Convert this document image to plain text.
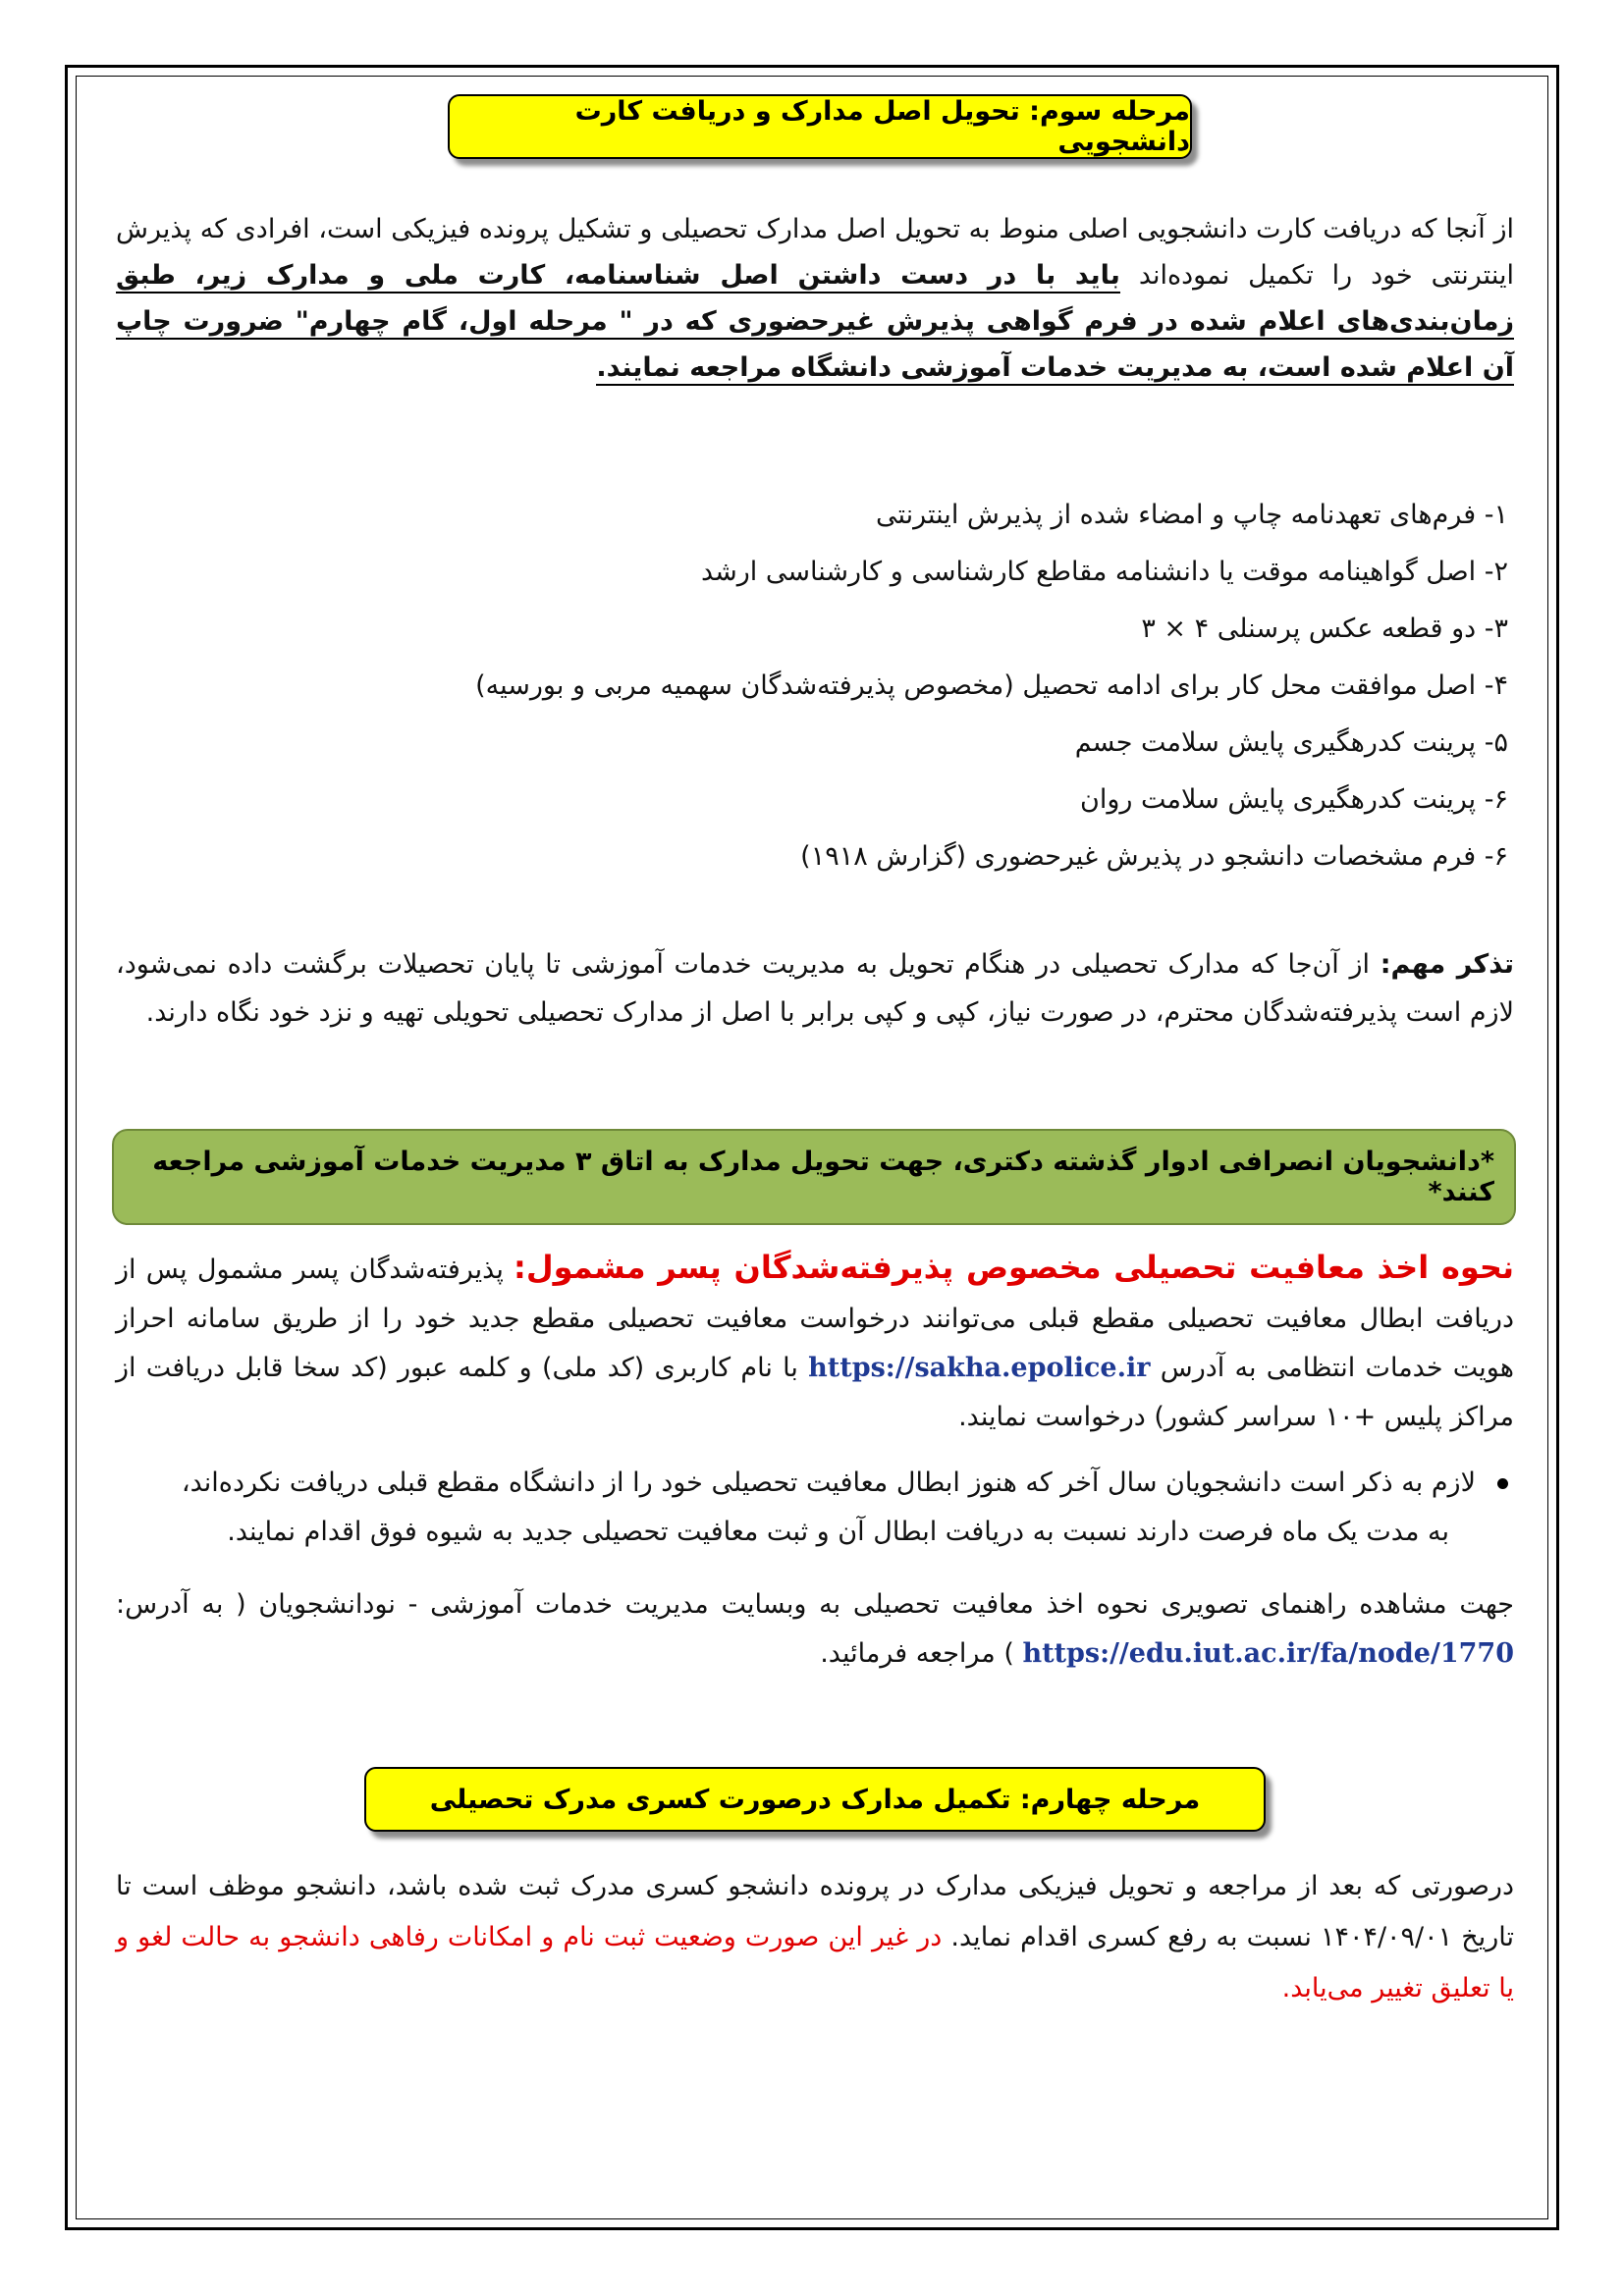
مرحله سوم: تحویل اصل مدارک و دریافت کارت دانشجویی
از آنجا که دریافت کارت دانشجویی اصلی منوط به تحویل اصل مدارک تحصیلی و تشکیل پرونده فیزیکی است، افرادی که پذیرش اینترنتی خود را تکمیل نموده‌اند باید با در دست داشتن اصل شناسنامه، کارت ملی و مدارک زیر، طبق زمان‌بندی‌های اعلام شده در فرم گواهی پذیرش غیرحضوری که در " مرحله اول، گام چهارم" ضرورت چاپ آن اعلام شده است، به مدیریت خدمات آموزشی دانشگاه مراجعه نمایند.
۱- فرم‌های تعهدنامه چاپ و امضاء شده از پذیرش اینترنتی
۲- اصل گواهینامه موقت یا دانشنامه مقاطع کارشناسی و کارشناسی ارشد
۳- دو قطعه عکس پرسنلی ۴ × ۳
۴- اصل موافقت محل کار برای ادامه تحصیل (مخصوص پذیرفته‌شدگان سهمیه مربی و بورسیه)
۵- پرینت کدرهگیری پایش سلامت جسم
۶- پرینت کدرهگیری پایش سلامت روان
۶- فرم مشخصات دانشجو در پذیرش غیرحضوری (گزارش ۱۹۱۸)
تذکر مهم: از آن‌جا که مدارک تحصیلی در هنگام تحویل به مدیریت خدمات آموزشی تا پایان تحصیلات برگشت داده نمی‌شود، لازم است پذیرفته‌شدگان محترم، در صورت نیاز، کپی و کپی برابر با اصل از مدارک تحصیلی تحویلی تهیه و نزد خود نگاه دارند.
*دانشجویان انصرافی ادوار گذشته دکتری، جهت تحویل مدارک به اتاق ۳ مدیریت خدمات آموزشی مراجعه کنند*
نحوه اخذ معافیت تحصیلی مخصوص پذیرفته‌شدگان پسر مشمول: پذیرفته‌شدگان پسر مشمول پس از دریافت ابطال معافیت تحصیلی مقطع قبلی می‌توانند درخواست معافیت تحصیلی مقطع جدید خود را از طریق سامانه احراز هویت خدمات انتظامی به آدرس https://sakha.epolice.ir با نام کاربری (کد ملی) و کلمه عبور (کد سخا قابل دریافت از مراکز پلیس +۱۰ سراسر کشور) درخواست نمایند.
لازم به ذکر است دانشجویان سال آخر که هنوز ابطال معافیت تحصیلی خود را از دانشگاه مقطع قبلی دریافت نکرده‌اند،
به مدت یک ماه فرصت دارند نسبت به دریافت ابطال آن و ثبت معافیت تحصیلی جدید به شیوه فوق اقدام نمایند.
جهت مشاهده راهنمای تصویری نحوه اخذ معافیت تحصیلی به وبسایت مدیریت خدمات آموزشی - نودانشجویان ( به آدرس: https://edu.iut.ac.ir/fa/node/1770 ) مراجعه فرمائید.
مرحله چهارم: تکمیل مدارک درصورت کسری مدرک تحصیلی
درصورتی که بعد از مراجعه و تحویل فیزیکی مدارک در پرونده دانشجو کسری مدرک ثبت شده باشد، دانشجو موظف است تا تاریخ ۱۴۰۴/۰۹/۰۱ نسبت به رفع کسری اقدام نماید. در غیر این صورت وضعیت ثبت نام و امکانات رفاهی دانشجو به حالت لغو و یا تعلیق تغییر می‌یابد.
